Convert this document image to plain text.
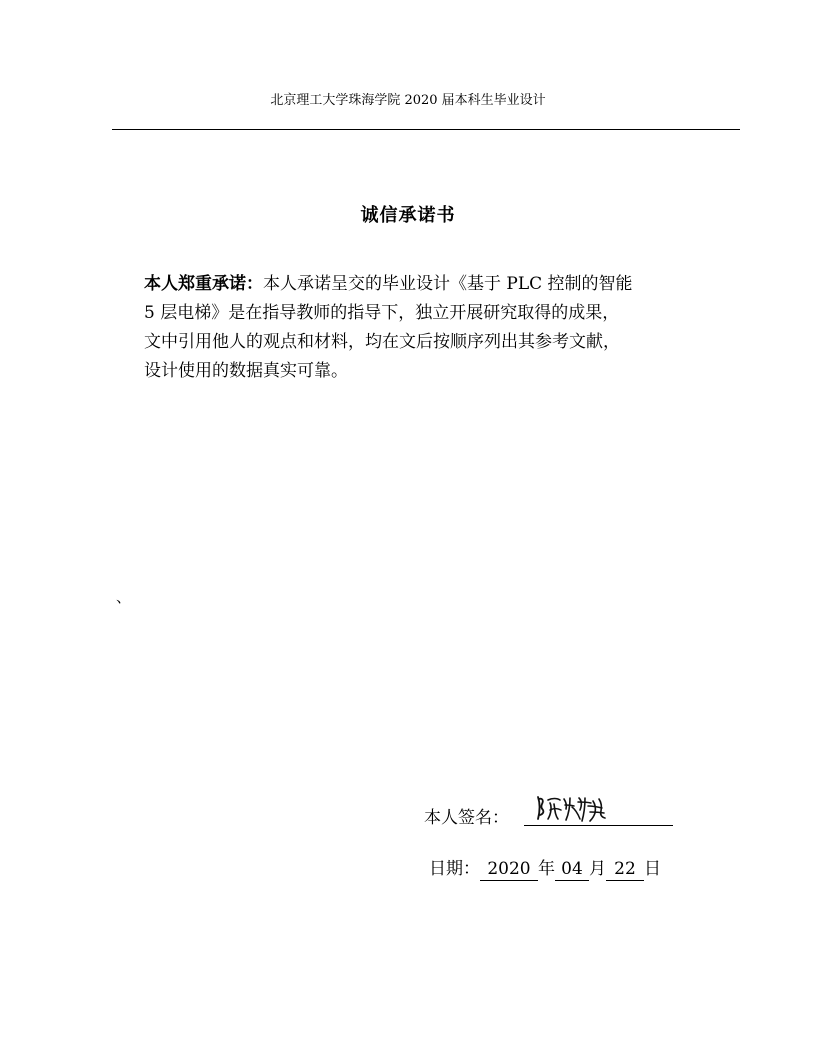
北京理工大学珠海学院 2020 届本科生毕业设计
诚信承诺书
本人郑重承诺：本人承诺呈交的毕业设计《基于 PLC 控制的智能
5 层电梯》是在指导教师的指导下，独立开展研究取得的成果，
文中引用他人的观点和材料，均在文后按顺序列出其参考文献，
设计使用的数据真实可靠。
、
本人签名：
日期： 2020 年 04 月 22 日
